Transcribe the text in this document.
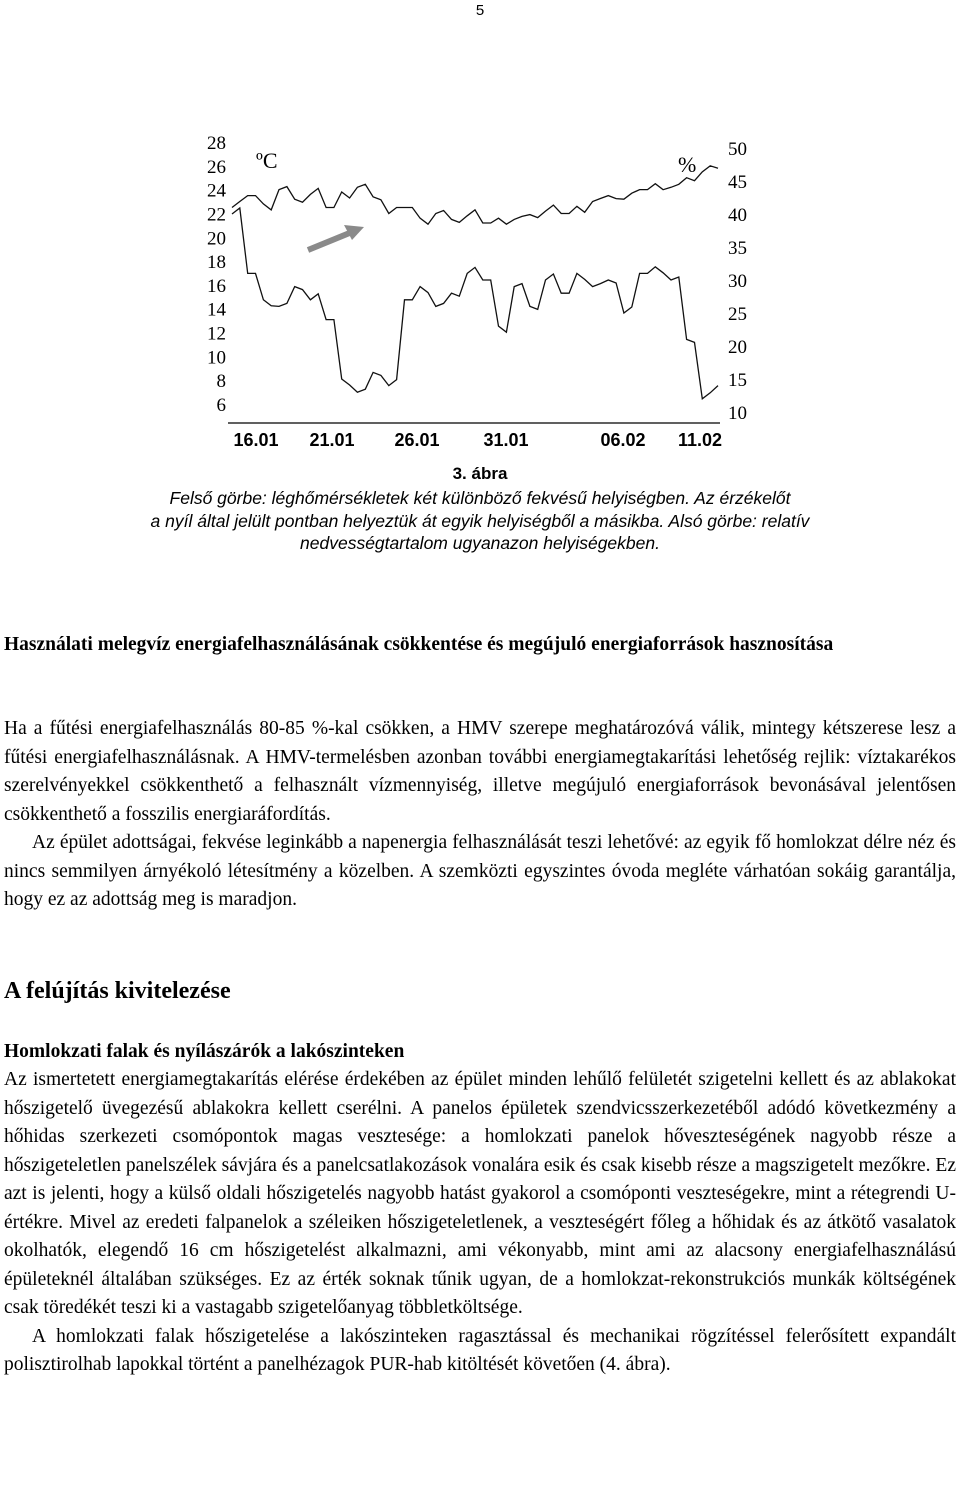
5
ºC	%
6
8
10
12
14
16
18
20
22
24
26
28
10
15
20
25
30
35
40
45
50
16.01 21.01 26.01 31.01	06.02 11.02
3. ábra
Felső görbe: léghőmérsékletek két különböző fekvésű helyiségben. Az érzékelőt
a nyíl által jelült pontban helyeztük át egyik helyiségből a másikba. Alsó görbe: relatív
nedvességtartalom ugyanazon helyiségekben.
Használati melegvíz energiafelhasználásának csökkentése és megújuló energiaforrások hasznosítása

Ha a fűtési energiafelhasználás 80-85 %-kal csökken, a HMV szerepe meghatározóvá válik, mintegy kétszerese lesz a fűtési energiafelhasználásnak. A HMV-termelésben azonban további energiamegtakarítási lehetőség rejlik: víztakarékos szerelvényekkel csökkenthető a felhasznált vízmennyiség, illetve megújuló energiaforrások bevonásával jelentősen csökkenthető a fosszilis energiaráfordítás.

Az épület adottságai, fekvése leginkább a napenergia felhasználását teszi lehetővé: az egyik fő homlokzat délre néz és nincs semmilyen árnyékoló létesítmény a közelben. A szemközti egyszintes óvoda megléte várhatóan sokáig garantálja, hogy ez az adottság meg is maradjon.

A felújítás kivitelezése
Homlokzati falak és nyílászárók a lakószinteken

Az ismertetett energiamegtakarítás elérése érdekében az épület minden lehűlő felületét szigetelni kellett és az ablakokat hőszigetelő üvegezésű ablakokra kellett cserélni. A panelos épületek szendvicsszerkezetéből adódó következmény a hőhidas szerkezeti csomópontok magas vesztesége: a homlokzati panelok hőveszteségének nagyobb része a hőszigeteletlen panelszélek sávjára és a panelcsatlakozások vonalára esik és csak kisebb része a magszigetelt mezőkre. Ez azt is jelenti, hogy a külső oldali hőszigetelés nagyobb hatást gyakorol a csomóponti veszteségekre, mint a rétegrendi U-értékre. Mivel az eredeti falpanelok a széleiken hőszigeteletlenek, a veszteségért főleg a hőhidak és az átkötő vasalatok okolhatók, elegendő 16 cm hőszigetelést alkalmazni, ami vékonyabb, mint ami az alacsony energiafelhasználású épületeknél általában szükséges. Ez az érték soknak tűnik ugyan, de a homlokzat-rekonstrukciós munkák költségének csak töredékét teszi ki a vastagabb szigetelőanyag többletköltsége.

A homlokzati falak hőszigetelése a lakószinteken ragasztással és mechanikai rögzítéssel felerősített expandált polisztirolhab lapokkal történt a panelhézagok PUR-hab kitöltését követően (4. ábra).
